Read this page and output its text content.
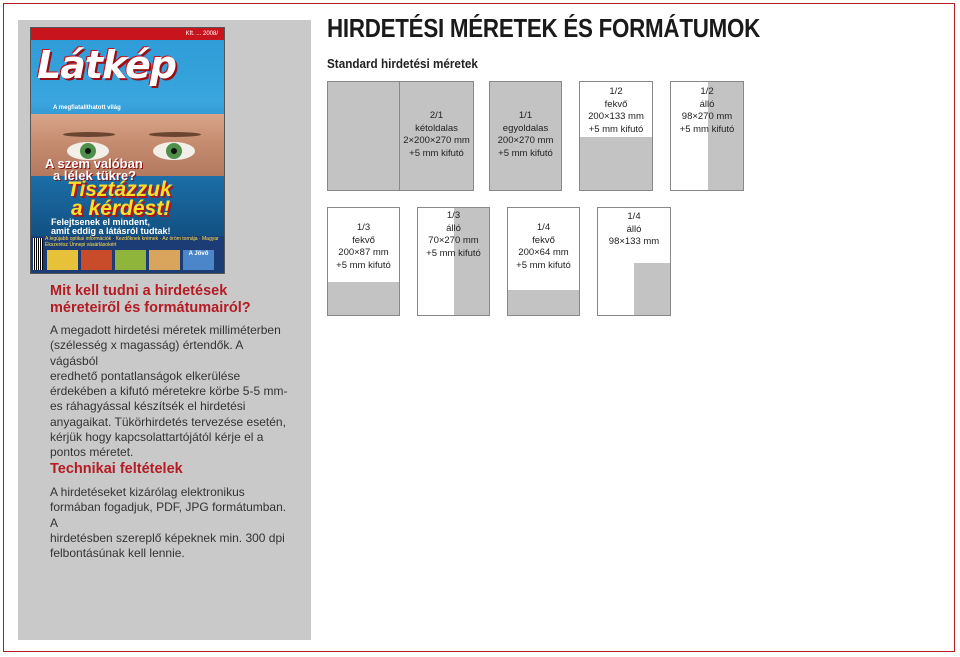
Kft. ... 2008/
Látkép
A megfiatalíthatott világ
A szem valóban
a lélek tükre?
Tisztázzuk
a kérdést!
Felejtsenek el mindent,
amit eddig a látásról tudtak!
A legújabb optikai információk · Kezdőknek krémek · Az öröm tornája · Magyar Ékszerész Ünnepi vásárlásokért
A Jövő
Mit kell tudni a hirdetések
méreteiről és formátumairól?
A megadott hirdetési méretek milliméterben
(szélesség x magasság) értendők. A vágásból
eredhető pontatlanságok elkerülése
érdekében a kifutó méretekre körbe 5-5 mm-
es ráhagyással készítsék el hirdetési
anyagaikat. Tükörhirdetés tervezése esetén,
kérjük hogy kapcsolattartójától kérje el a
pontos méretet.
Technikai feltételek
A hirdetéseket kizárólag elektronikus
formában fogadjuk, PDF, JPG formátumban. A
hirdetésben szereplő képeknek min. 300 dpi
felbontásúnak kell lennie.
HIRDETÉSI MÉRETEK ÉS FORMÁTUMOK
Standard hirdetési méretek
2/1
kétoldalas
2×200×270 mm
+5 mm kifutó
1/1
egyoldalas
200×270 mm
+5 mm kifutó
1/2
fekvő
200×133 mm
+5 mm kifutó
1/2
álló
98×270 mm
+5 mm kifutó
1/3
fekvő
200×87 mm
+5 mm kifutó
1/3
álló
70×270 mm
+5 mm kifutó
1/4
fekvő
200×64 mm
+5 mm kifutó
1/4
álló
98×133 mm
